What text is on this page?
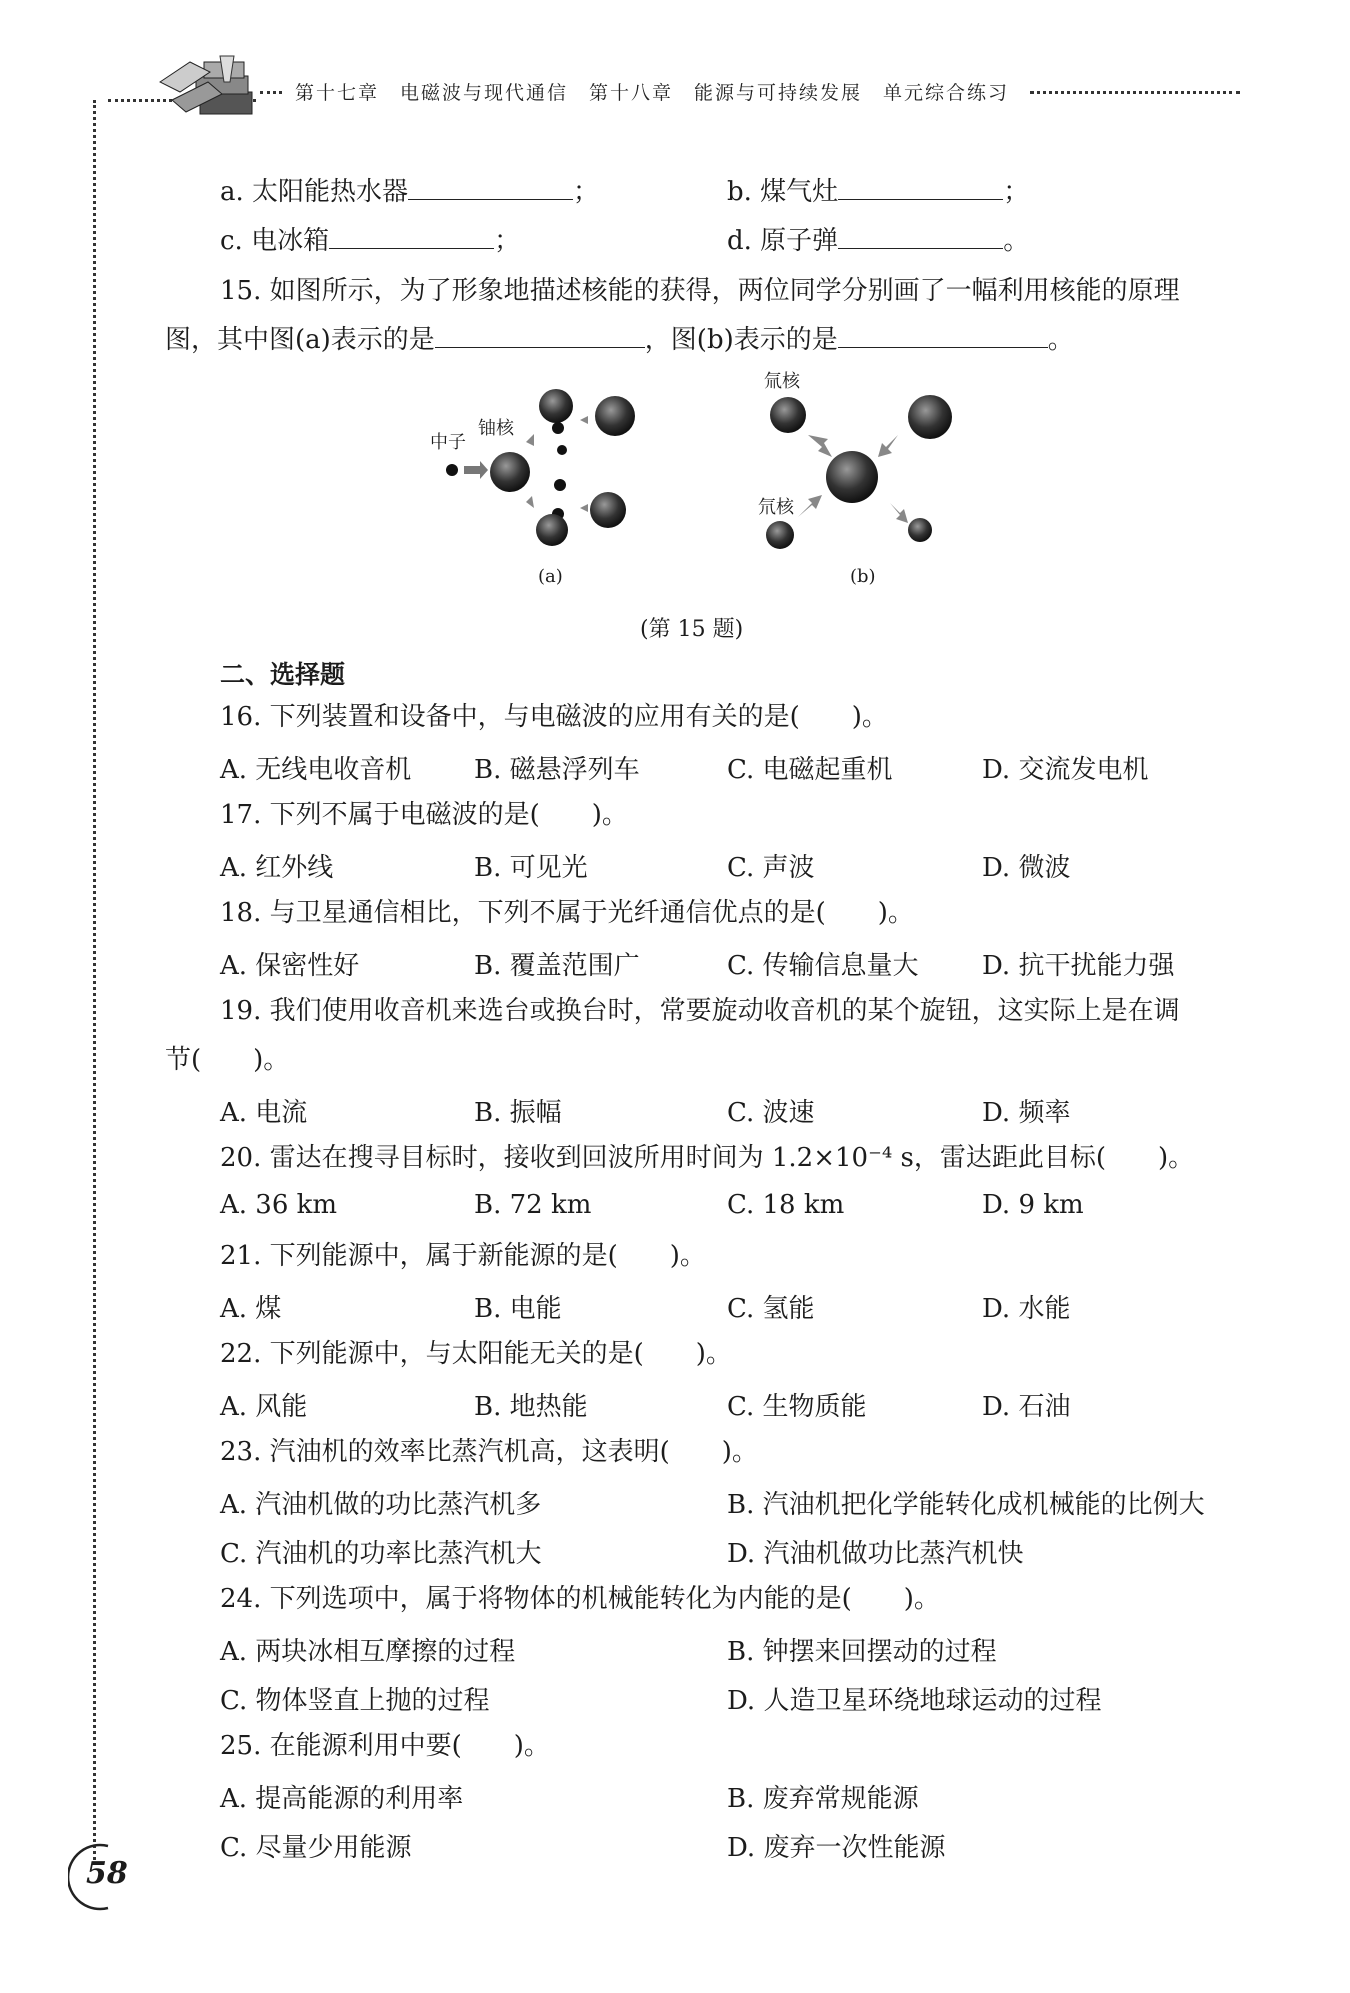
第十七章　电磁波与现代通信　第十八章　能源与可持续发展　单元综合练习
a. 太阳能热水器	；	b. 煤气灶	；
c. 电冰箱	；	d. 原子弹	。
15. 如图所示，为了形象地描述核能的获得，两位同学分别画了一幅利用核能的原理
图，其中图(a)表示的是	，图(b)表示的是	。
中子
铀核
(a)
氚核
氘核
(b)
(第 15 题)
二、选择题
16. 下列装置和设备中，与电磁波的应用有关的是(　　)。
A. 无线电收音机 B. 磁悬浮列车	C. 电磁起重机	D. 交流发电机
17. 下列不属于电磁波的是(　　)。
A. 红外线	B. 可见光	C. 声波	D. 微波
18. 与卫星通信相比，下列不属于光纤通信优点的是(　　)。
A. 保密性好	B. 覆盖范围广	C. 传输信息量大 D. 抗干扰能力强
19. 我们使用收音机来选台或换台时，常要旋动收音机的某个旋钮，这实际上是在调
节(　　)。
A. 电流	B. 振幅	C. 波速	D. 频率
20. 雷达在搜寻目标时，接收到回波所用时间为 1.2×10⁻⁴ s，雷达距此目标(　　)。
A. 36 km	B. 72 km	C. 18 km	D. 9 km
21. 下列能源中，属于新能源的是(　　)。
A. 煤	B. 电能	C. 氢能	D. 水能
22. 下列能源中，与太阳能无关的是(　　)。
A. 风能	B. 地热能	C. 生物质能	D. 石油
23. 汽油机的效率比蒸汽机高，这表明(　　)。
A. 汽油机做的功比蒸汽机多	B. 汽油机把化学能转化成机械能的比例大
C. 汽油机的功率比蒸汽机大	D. 汽油机做功比蒸汽机快
24. 下列选项中，属于将物体的机械能转化为内能的是(　　)。
A. 两块冰相互摩擦的过程	B. 钟摆来回摆动的过程
C. 物体竖直上抛的过程	D. 人造卫星环绕地球运动的过程
25. 在能源利用中要(　　)。
A. 提高能源的利用率	B. 废弃常规能源
C. 尽量少用能源	D. 废弃一次性能源
58
